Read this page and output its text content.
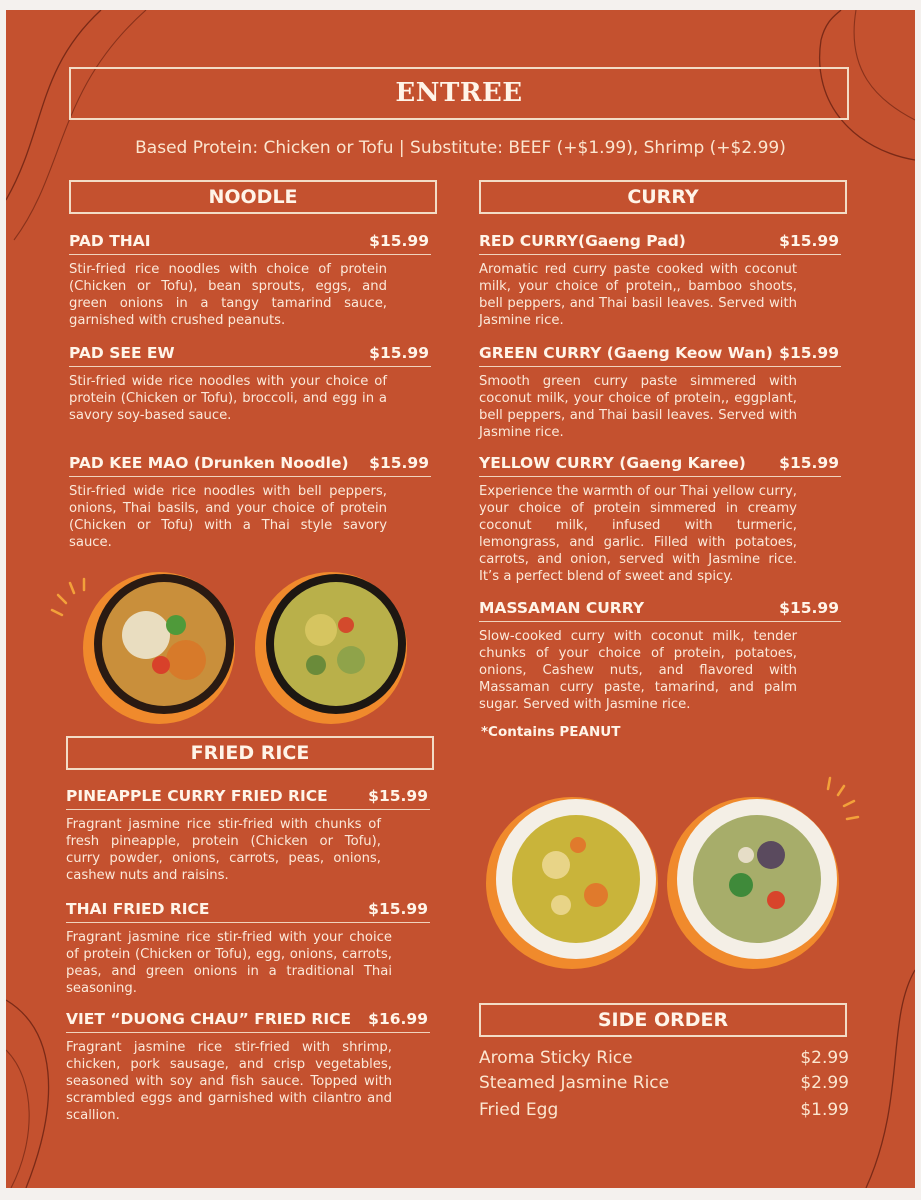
ENTREE
Based Protein: Chicken or Tofu | Substitute: BEEF (+$1.99), Shrimp (+$2.99)
NOODLE
PAD THAI	$15.99
Stir-fried rice noodles with choice of protein (Chicken or Tofu), bean sprouts, eggs, and green onions in a tangy tamarind sauce, garnished with crushed peanuts.
PAD SEE EW	$15.99
Stir-fried wide rice noodles with your choice of protein (Chicken or Tofu), broccoli, and egg in a savory soy-based sauce.
PAD KEE MAO (Drunken Noodle) $15.99
Stir-fried wide rice noodles with bell peppers, onions, Thai basils, and your choice of protein (Chicken or Tofu) with a Thai style savory sauce.
FRIED RICE
PINEAPPLE CURRY FRIED RICE	$15.99
Fragrant jasmine rice stir-fried with chunks of fresh pineapple, protein (Chicken or Tofu), curry powder, onions, carrots, peas, onions, cashew nuts and raisins.
THAI FRIED RICE	$15.99
Fragrant jasmine rice stir-fried with your choice of protein (Chicken or Tofu), egg, onions, carrots, peas, and green onions in a traditional Thai seasoning.
VIET “DUONG CHAU” FRIED RICE $16.99
Fragrant jasmine rice stir-fried with shrimp, chicken, pork sausage, and crisp vegetables, seasoned with soy and fish sauce. Topped with scrambled eggs and garnished with cilantro and scallion.
CURRY
RED CURRY(Gaeng Pad)	$15.99
Aromatic red curry paste cooked with coconut milk, your choice of protein,, bamboo shoots, bell peppers, and Thai basil leaves. Served with Jasmine rice.
GREEN CURRY (Gaeng Keow Wan) $15.99
Smooth green curry paste simmered with coconut milk, your choice of protein,, eggplant, bell peppers, and Thai basil leaves. Served with Jasmine rice.
YELLOW CURRY (Gaeng Karee) $15.99
Experience the warmth of our Thai yellow curry, your choice of protein simmered in creamy coconut milk, infused with turmeric, lemongrass, and garlic. Filled with potatoes, carrots, and onion, served with Jasmine rice. It’s a perfect blend of sweet and spicy.
MASSAMAN CURRY	$15.99
Slow-cooked curry with coconut milk, tender chunks of your choice of protein, potatoes, onions, Cashew nuts, and flavored with Massaman curry paste, tamarind, and palm sugar. Served with Jasmine rice.
*Contains PEANUT
SIDE ORDER
Aroma Sticky Rice	$2.99
Steamed Jasmine Rice	$2.99
Fried Egg	$1.99
